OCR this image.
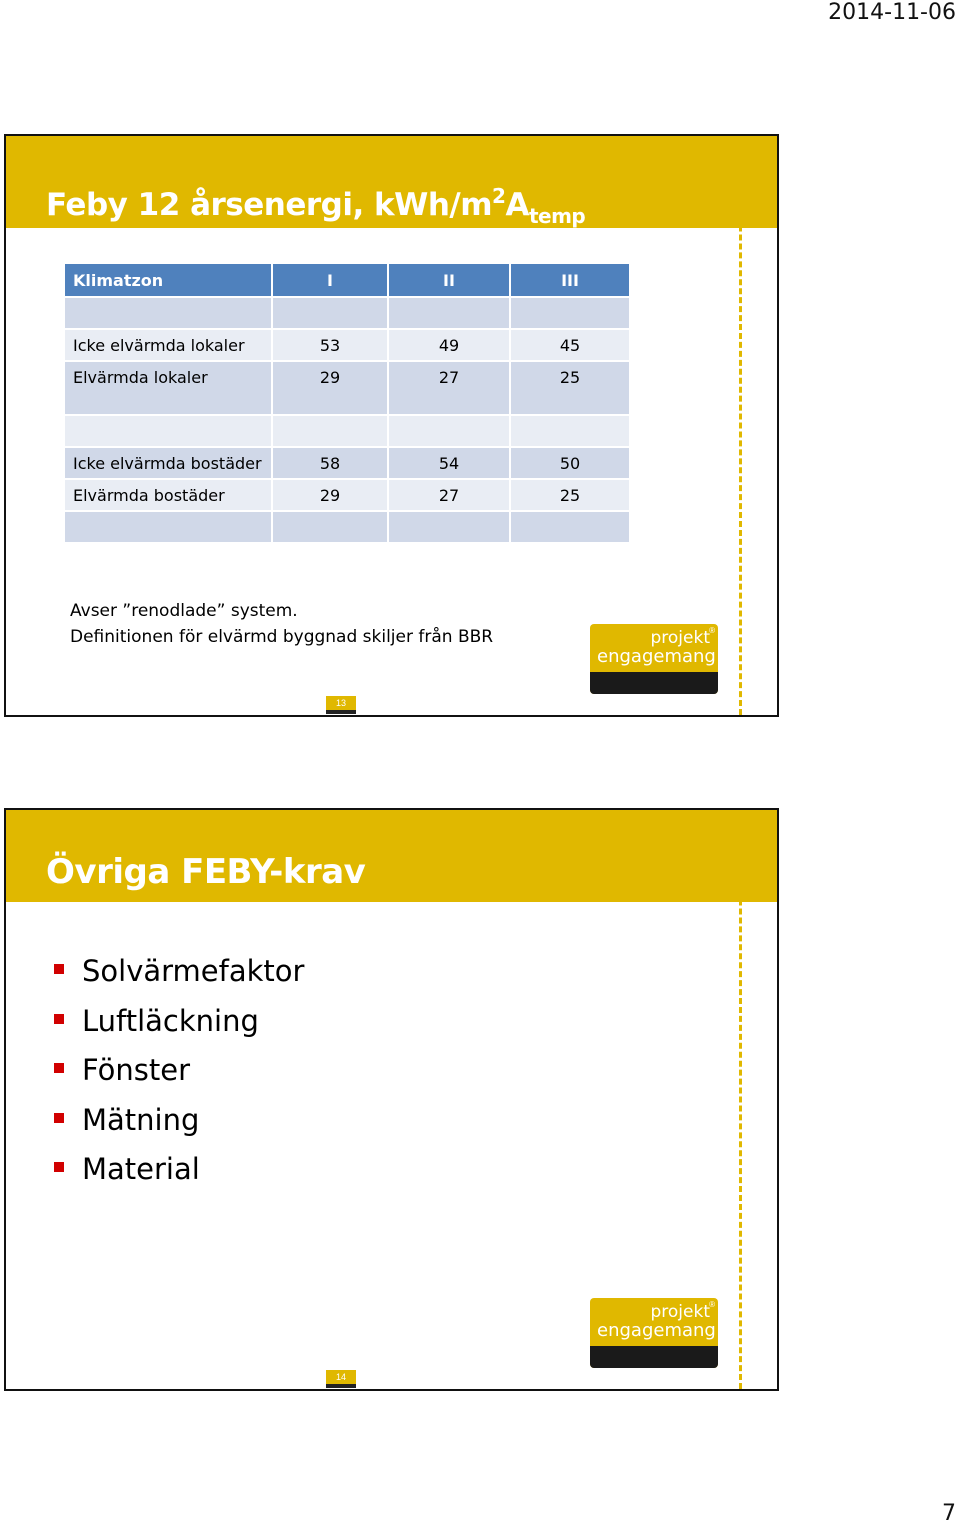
2014-11-06
Feby 12 årsenergi, kWh/$m^2A_{temp}$
Klimatzon	I	II	III

Icke elvärmda lokaler	53	49	45
Elvärmda lokaler	29	27	25

Icke elvärmda bostäder	58	54	50
Elvärmda bostäder	29	27	25

Avser ”renodlade” system.
Definitionen för elvärmd byggnad skiljer från BBR	projekt
engagemang
®
13
Övriga FEBY-krav
Solvärmefaktor
Luftläckning
Fönster
Mätning
Material
projekt
engagemang
®
14
7
